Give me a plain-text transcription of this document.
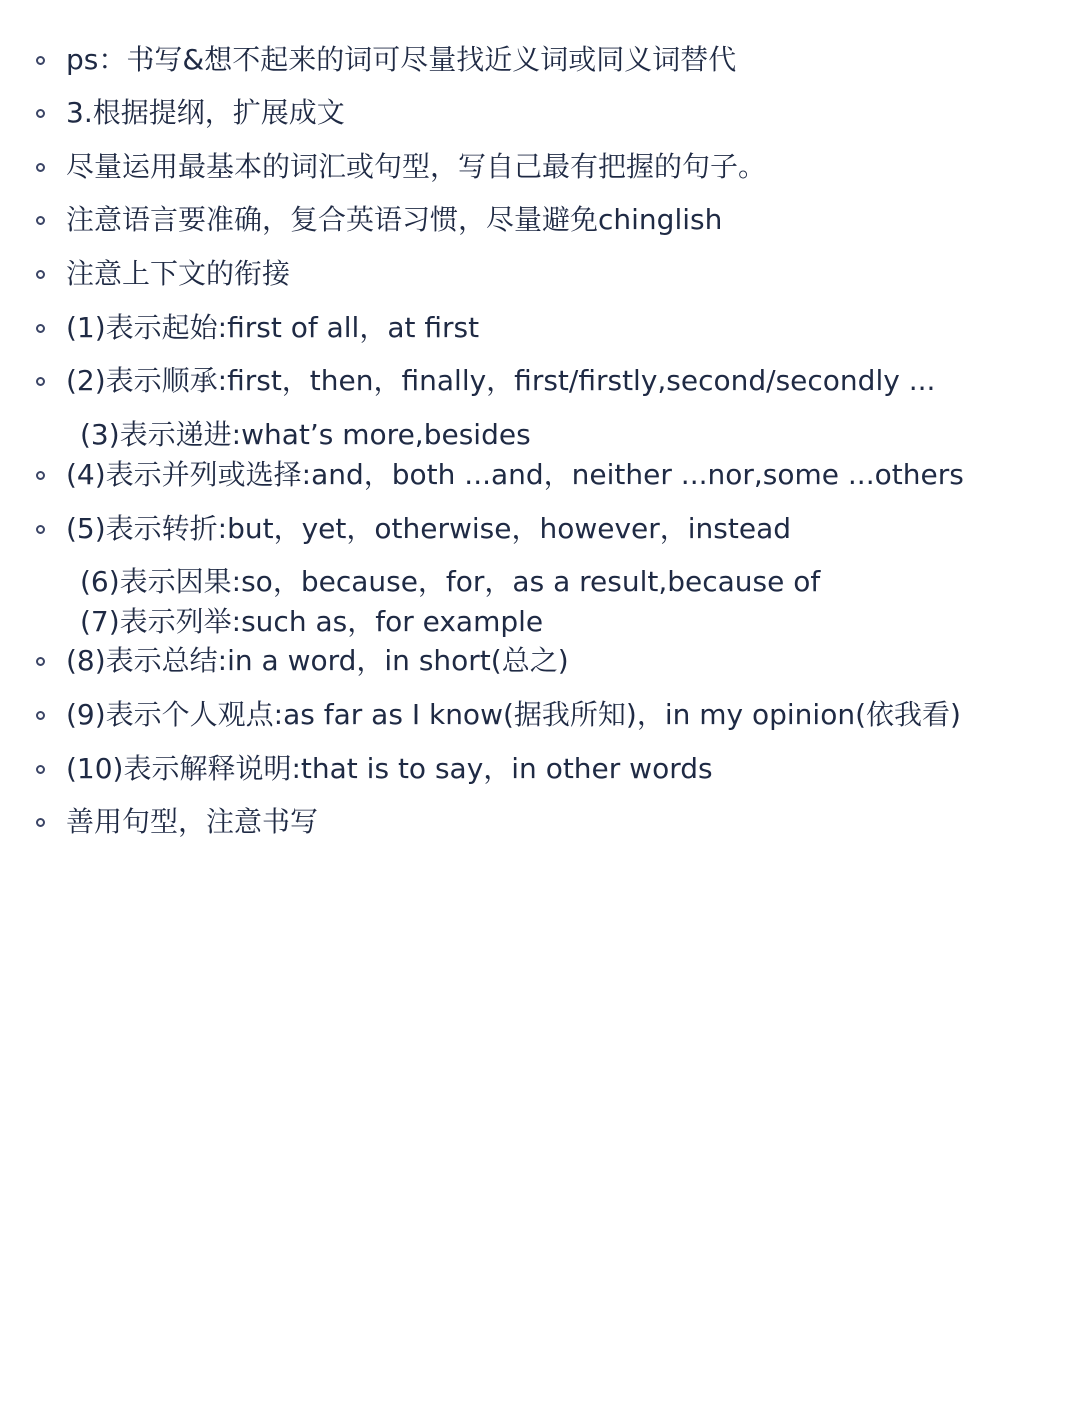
ps：书写&想不起来的词可尽量找近义词或同义词替代
3.根据提纲，扩展成文
尽量运用最基本的词汇或句型，写自己最有把握的句子。
注意语言要准确，复合英语习惯，尽量避免chinglish
注意上下文的衔接
(1)表示起始:first of all，at first
(2)表示顺承:first，then，finally，first/firstly,second/secondly ...
(3)表示递进:what’s more,besides
(4)表示并列或选择:and，both ...and，neither ...nor,some ...others
(5)表示转折:but，yet，otherwise，however，instead
(6)表示因果:so，because，for，as a result,because of
(7)表示列举:such as，for example
(8)表示总结:in a word，in short(总之)
(9)表示个人观点:as far as I know(据我所知)，in my opinion(依我看)
(10)表示解释说明:that is to say，in other words
善用句型，注意书写
